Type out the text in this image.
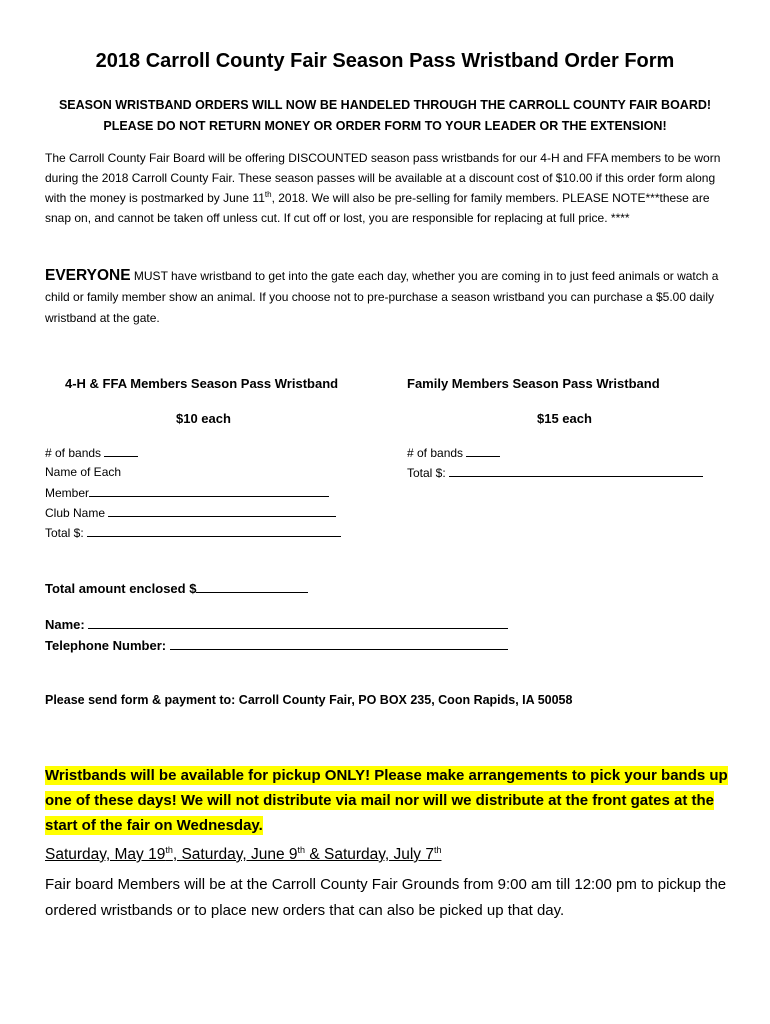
2018 Carroll County Fair Season Pass Wristband Order Form

SEASON WRISTBAND ORDERS WILL NOW BE HANDELED THROUGH THE CARROLL COUNTY FAIR BOARD!

PLEASE DO NOT RETURN MONEY OR ORDER FORM TO YOUR LEADER OR THE EXTENSION!

The Carroll County Fair Board will be offering DISCOUNTED season pass wristbands for our 4-H and FFA members to be worn during the 2018 Carroll County Fair. These season passes will be available at a discount cost of $10.00 if this order form along with the money is postmarked by June 11th, 2018. We will also be pre-selling for family members. PLEASE NOTE***these are snap on, and cannot be taken off unless cut. If cut off or lost, you are responsible for replacing at full price. ****

EVERYONE MUST have wristband to get into the gate each day, whether you are coming in to just feed animals or watch a child or family member show an animal. If you choose not to pre-purchase a season wristband you can purchase a $5.00 daily wristband at the gate.

4-H & FFA Members Season Pass Wristband
$10 each
# of bands
Name of Each
Member
Club Name
Total $:
Family Members Season Pass Wristband
$15 each
# of bands
Total $:
Total amount enclosed $
Name:
Telephone Number:
Please send form & payment to: Carroll County Fair, PO BOX 235, Coon Rapids, IA 50058

Wristbands will be available for pickup ONLY! Please make arrangements to pick your bands up one of these days! We will not distribute via mail nor will we distribute at the front gates at the start of the fair on Wednesday.

Saturday, May 19th, Saturday, June 9th & Saturday, July 7th

Fair board Members will be at the Carroll County Fair Grounds from 9:00 am till 12:00 pm to pickup the ordered wristbands or to place new orders that can also be picked up that day.
